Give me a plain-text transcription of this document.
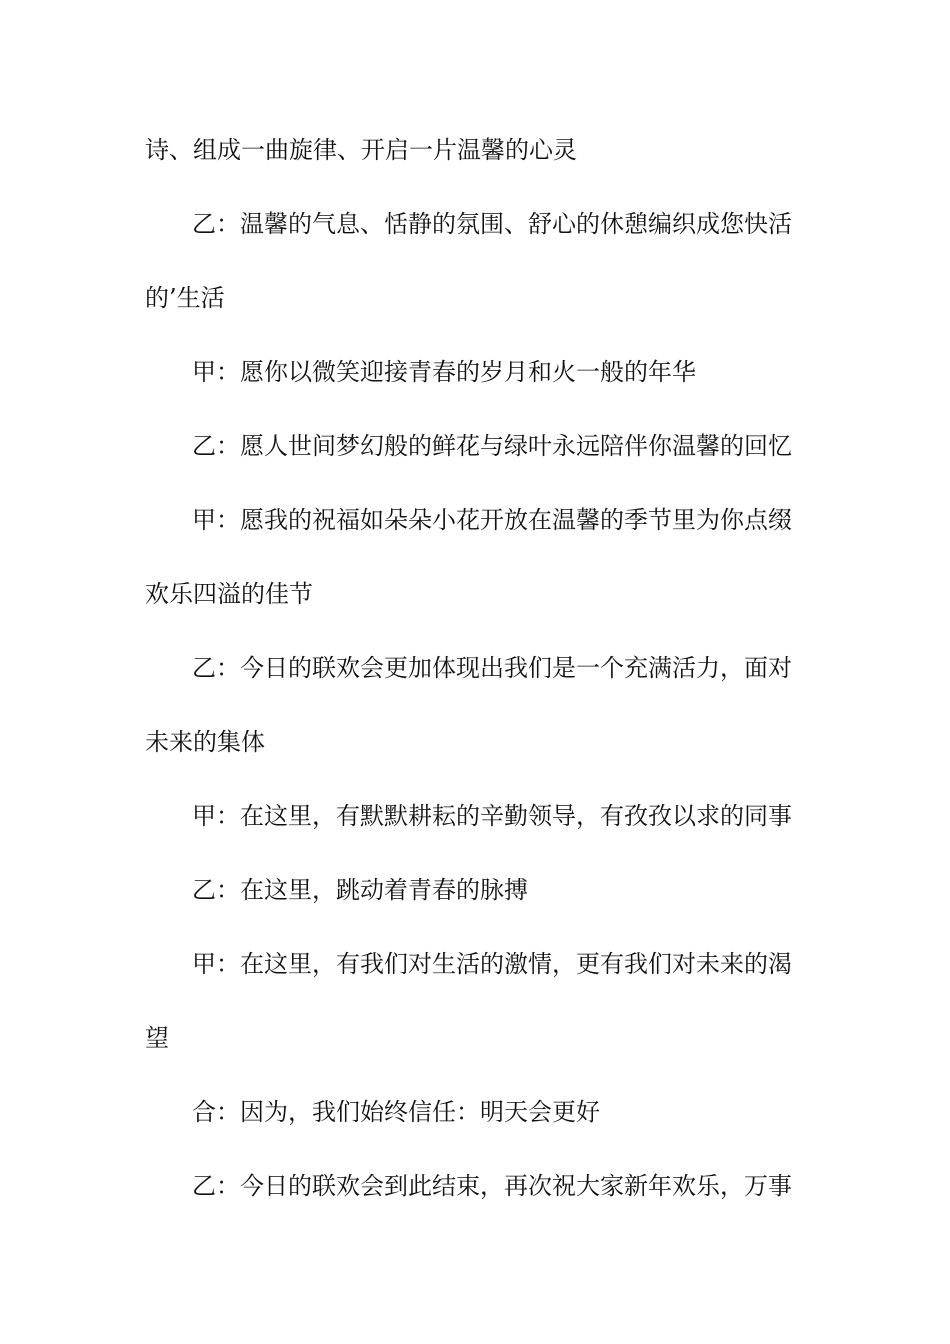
诗、组成一曲旋律、开启一片温馨的心灵
乙：温馨的气息、恬静的氛围、舒心的休憩编织成您快活
的’生活
甲：愿你以微笑迎接青春的岁月和火一般的年华
乙：愿人世间梦幻般的鲜花与绿叶永远陪伴你温馨的回忆
甲：愿我的祝福如朵朵小花开放在温馨的季节里为你点缀
欢乐四溢的佳节
乙：今日的联欢会更加体现出我们是一个充满活力，面对
未来的集体
甲：在这里，有默默耕耘的辛勤领导，有孜孜以求的同事
乙：在这里，跳动着青春的脉搏
甲：在这里，有我们对生活的激情，更有我们对未来的渴
望
合：因为，我们始终信任：明天会更好
乙：今日的联欢会到此结束，再次祝大家新年欢乐，万事
